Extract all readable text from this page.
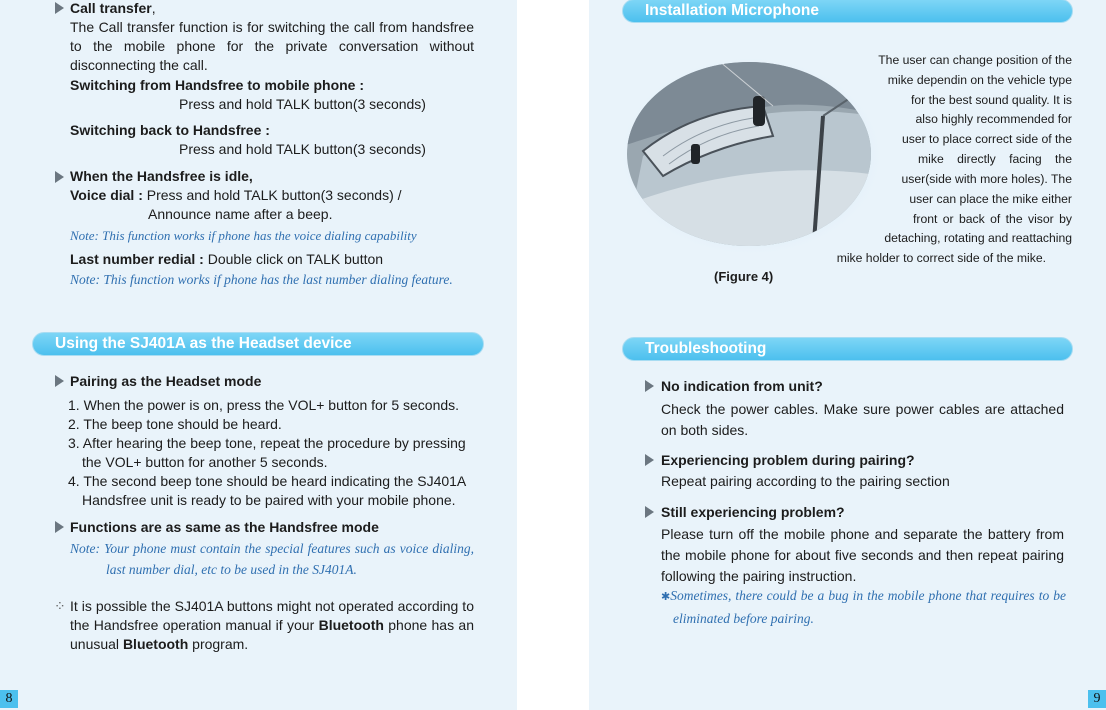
Call transfer,
The Call transfer function is for switching the call from handsfree to the mobile phone for the private conversation without disconnecting the call.
Switching from Handsfree to mobile phone :
Press and hold TALK button(3 seconds)
Switching back to Handsfree :
Press and hold TALK button(3 seconds)
When the Handsfree is idle,
Voice dial : Press and hold TALK button(3 seconds) /
Announce name after a beep.
Note: This function works if phone has the voice dialing capability
Last number redial : Double click on TALK button
Note: This function works if phone has the last number dialing feature.
Using the SJ401A as the Headset device
Pairing as the Headset mode
1. When the power is on, press the VOL+ button for 5 seconds.
2. The beep tone should be heard.
3. After hearing the beep tone, repeat the procedure by pressing
the VOL+ button for another 5 seconds.
4. The second beep tone should be heard indicating the SJ401A
Handsfree unit is ready to be paired with your mobile phone.
Functions are as same as the Handsfree mode
Note: Your phone must contain the special features such as voice dialing, last number dial, etc to be used in the SJ401A.
⁘ It is possible the SJ401A buttons might not operated according to the Handsfree operation manual if your Bluetooth phone has an unusual Bluetooth program.
8
Installation Microphone
The user can change position of the
mike dependin on the vehicle type
for the best sound quality. It is
also highly recommended for
user to place correct side of the
mike directly facing the
user(side with more holes). The
user can place the mike either
front or back of the visor by
detaching, rotating and reattaching
mike holder to correct side of the mike.
(Figure 4)
Troubleshooting
No indication from unit?
Check the power cables. Make sure power cables are attached on both sides.
Experiencing problem during pairing?
Repeat pairing according to the pairing section
Still experiencing problem?
Please turn off the mobile phone and separate the battery from the mobile phone for about five seconds and then repeat pairing following the pairing instruction.
✱Sometimes, there could be a bug in the mobile phone that requires to be eliminated before pairing.
9
